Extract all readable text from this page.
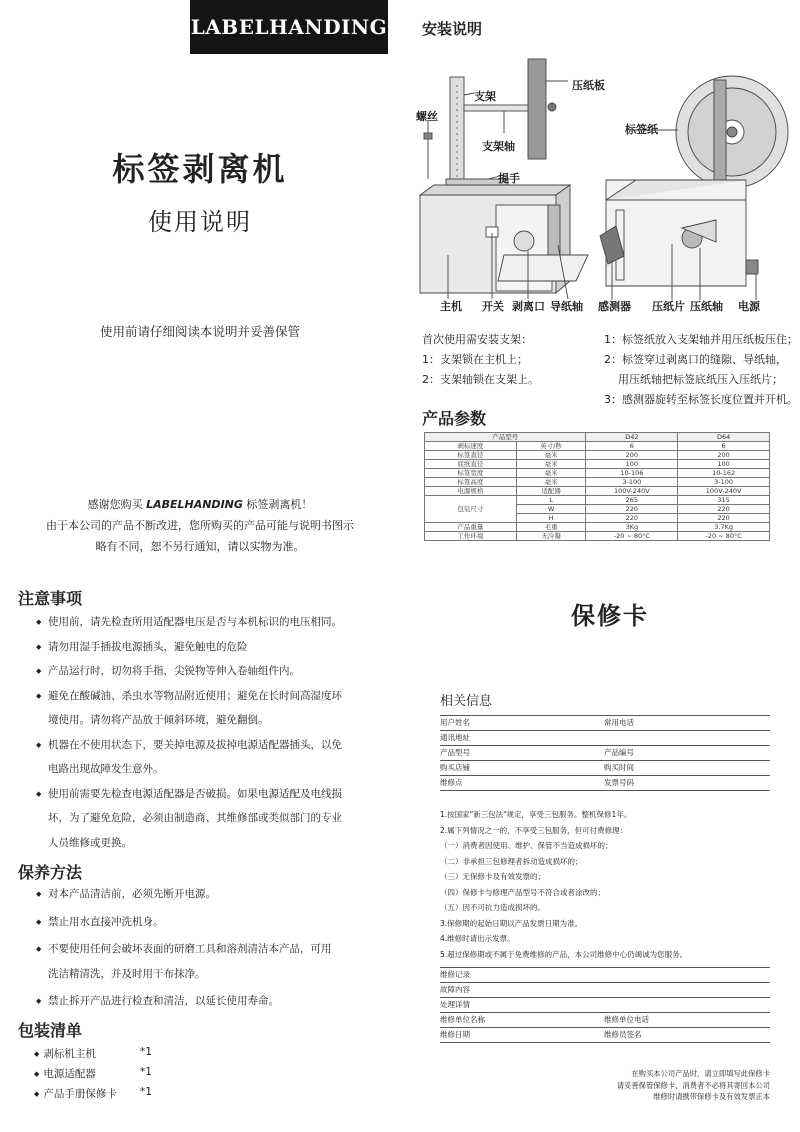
LABELHANDING 安装说明
标签剥离机
使用说明
使用前请仔细阅读本说明并妥善保管
感谢您购买 LABELHANDING 标签剥离机！
由于本公司的产品不断改进，您所购买的产品可能与说明书图示
略有不同，恕不另行通知，请以实物为准。
支架
螺丝
压纸板
支架轴
提手
主机 开关 剥离口 导纸轴
标签纸
感测器 压纸片 压纸轴 电源
首次使用需安装支架：
1：支架锁在主机上；
2：支架轴锁在支架上。
1：标签纸放入支架轴并用压纸板压住；
2：标签穿过剥离口的缝隙、导纸轴，
用压纸轴把标签底纸压入压纸片；
3：感测器旋转至标签长度位置并开机。
产品参数
产品型号		D42	D64
剥标速度	英寸/秒	6	6
标签直径	毫米	200	200
底纸直径	毫米	100	100
标签宽度	毫米	10-106	10-162
标签高度	毫米	3-100	3-100
电源规格	适配器	100V-240V	100V-240V
包装尺寸	L	265	315
	W	220	220
	H	220	220
产品重量	毛重	3Kg	3.7Kg
工作环境	无冷凝	-20 ~ 80°C	-20 ~ 80°C
注意事项
◆ 使用前，请先检查所用适配器电压是否与本机标识的电压相同。
◆ 请勿用湿手插拔电源插头，避免触电的危险
◆ 产品运行时，切勿将手指，尖锐物等伸入卷轴组件内。
◆ 避免在酸碱油、杀虫水等物品附近使用；避免在长时间高湿度环
境使用。请勿将产品放于倾斜环境，避免翻倒。
◆ 机器在不使用状态下，要关掉电源及拔掉电源适配器插头，以免
电路出现故障发生意外。
◆ 使用前需要先检查电源适配器是否破损。如果电源适配及电线损
坏，为了避免危险，必须由制造商、其维修部或类似部门的专业
人员维修或更换。
保养方法
◆ 对本产品清洁前，必须先断开电源。
◆ 禁止用水直接冲洗机身。
◆ 不要使用任何会破坏表面的研磨工具和溶剂清洁本产品，可用
洗洁精清洗，并及时用干布抹净。
◆ 禁止拆开产品进行检查和清洁，以延长使用寿命。
包装清单
◆ 剥标机主机	*1
◆ 电源适配器	*1
◆ 产品手册保修卡 *1
保修卡
相关信息
用户姓名	常用电话
通讯地址
产品型号	产品编号
购买店铺	购买时间
维修点	发票号码
1.按国家"新三包法"规定，享受三包服务。整机保修1年。
2.属下列情况之一的，不享受三包服务，但可付费修理：
（一）消费者因使用、维护、保管不当造成损坏的；
（二）非承担三包修理者拆动造成损坏的；
（三）无保修卡及有效发票的；
（四）保修卡与修理产品型号不符合或者涂改的；
（五）因不可抗力造成损坏的。
3.保修期的起始日期以产品发票日期为准。
4.维修时请出示发票。
5.超过保修期或不属于免费维修的产品，本公司维修中心仍竭诚为您服务。
维修记录
故障内容
处理详情
维修单位名称	维修单位电话
维修日期	维修员签名
在购买本公司产品时，请立即填写此保修卡
请妥善保管保修卡，消费者不必将其寄回本公司
维修时请携带保修卡及有效发票正本
